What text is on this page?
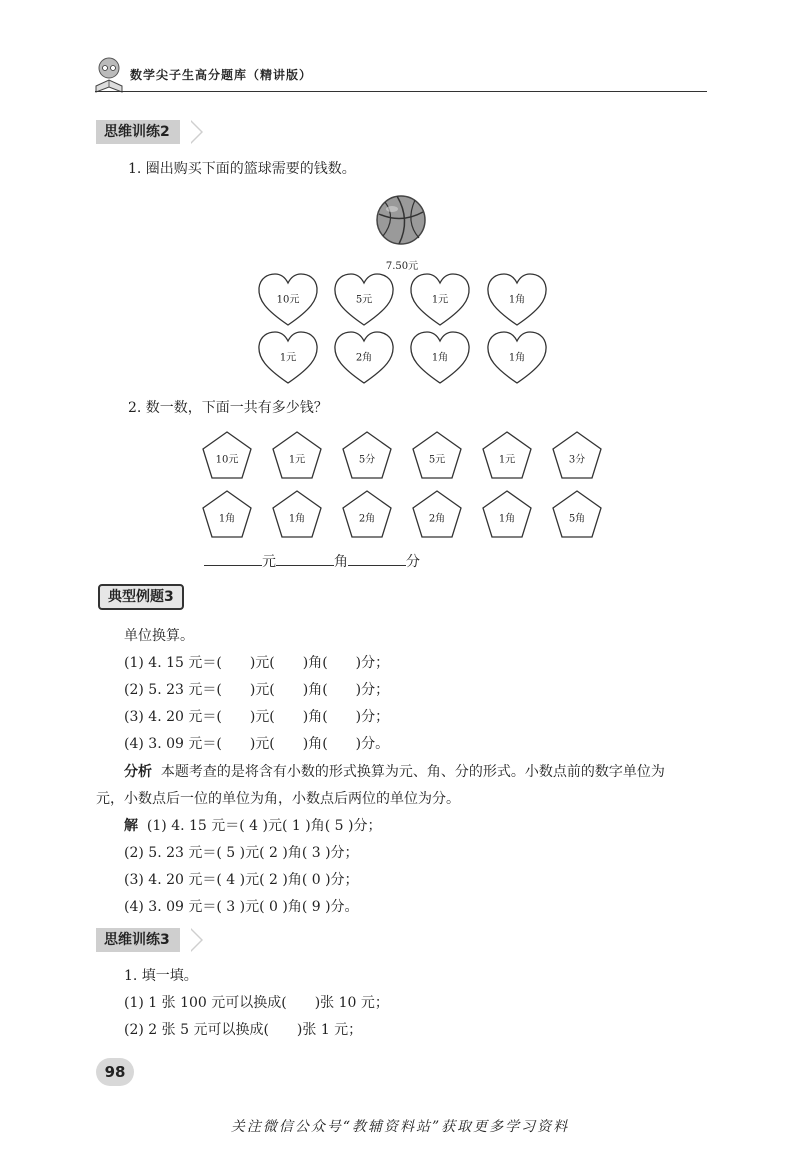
数学尖子生高分题库（精讲版）
思维训练2
1. 圈出购买下面的篮球需要的钱数。
7.50元
10元	5元	1元	1角
1元	2角	1角	1角
2. 数一数，下面一共有多少钱？
10元	1元	5分	5元	1元	3分
1角	1角	2角	2角	1角	5角
元	角	分
典型例题3
单位换算。
(1) 4. 15 元＝(　　)元(　　)角(　　)分；
(2) 5. 23 元＝(　　)元(　　)角(　　)分；
(3) 4. 20 元＝(　　)元(　　)角(　　)分；
(4) 3. 09 元＝(　　)元(　　)角(　　)分。
分析 本题考查的是将含有小数的形式换算为元、角、分的形式。小数点前的数字单位为
元，小数点后一位的单位为角，小数点后两位的单位为分。
解 (1) 4. 15 元＝( 4 )元( 1 )角( 5 )分；
(2) 5. 23 元＝( 5 )元( 2 )角( 3 )分；
(3) 4. 20 元＝( 4 )元( 2 )角( 0 )分；
(4) 3. 09 元＝( 3 )元( 0 )角( 9 )分。
思维训练3
1. 填一填。
(1) 1 张 100 元可以换成(　　)张 10 元；
(2) 2 张 5 元可以换成(　　)张 1 元；
98
关注微信公众号“教辅资料站”获取更多学习资料
